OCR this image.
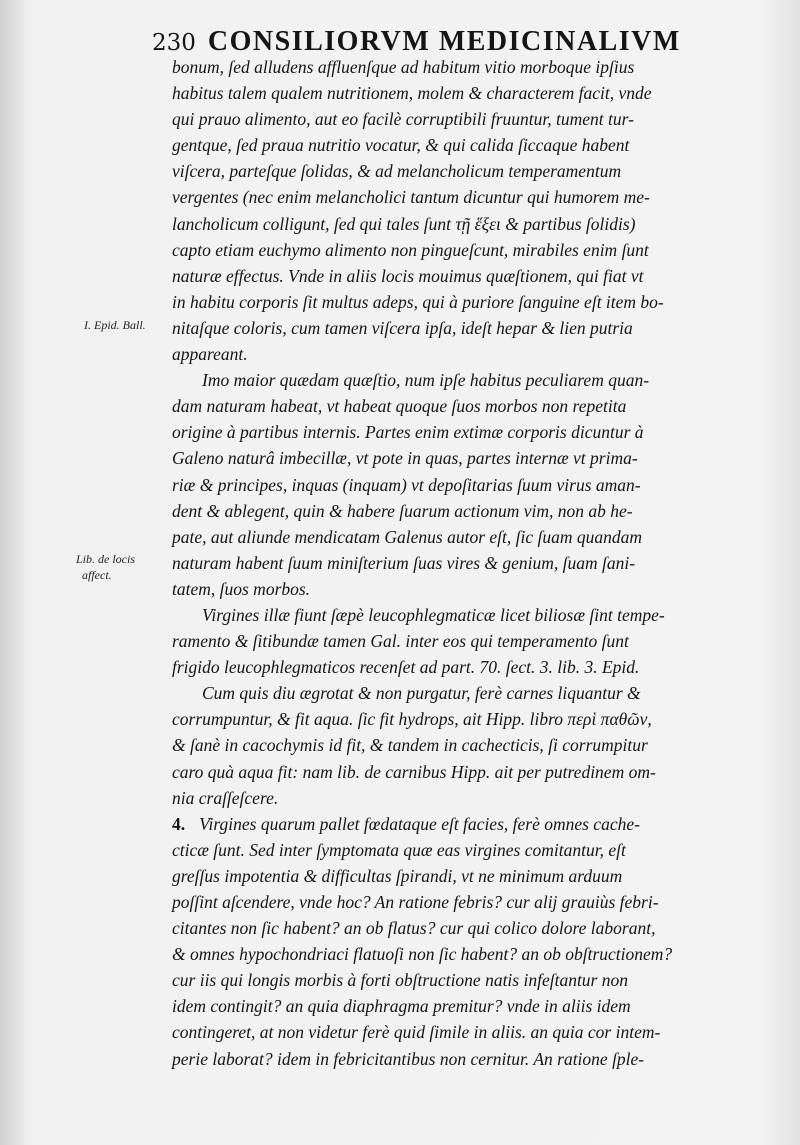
230 CONSILIORVM MEDICINALIVM
I. Epid. Ball.
Lib. de locis
affect.

bonum, ſed alludens affluenſque ad habitum vitio morboque ipſius
habitus talem qualem nutritionem, molem & characterem facit, vnde
qui prauo alimento, aut eo facilè corruptibili fruuntur, tument tur-
gentque, ſed praua nutritio vocatur, & qui calida ſiccaque habent
viſcera, parteſque ſolidas, & ad melancholicum temperamentum
vergentes (nec enim melancholici tantum dicuntur qui humorem me-
lancholicum colligunt, ſed qui tales ſunt τῇ ἕξει & partibus ſolidis)
capto etiam euchymo alimento non pingueſcunt, mirabiles enim ſunt
naturæ effectus. Vnde in aliis locis mouimus quæſtionem, qui fiat vt
in habitu corporis ſit multus adeps, qui à puriore ſanguine eſt item bo-
nitaſque coloris, cum tamen viſcera ipſa, ideſt hepar & lien putria
appareant.

Imo maior quædam quæſtio, num ipſe habitus peculiarem quan-
dam naturam habeat, vt habeat quoque ſuos morbos non repetita
origine à partibus internis. Partes enim extimæ corporis dicuntur à
Galeno naturâ imbecillæ, vt pote in quas, partes internæ vt prima-
riæ & principes, inquas (inquam) vt depoſitarias ſuum virus aman-
dent & ablegent, quin & habere ſuarum actionum vim, non ab he-
pate, aut aliunde mendicatam Galenus autor eſt, ſic ſuam quandam
naturam habent ſuum miniſterium ſuas vires & genium, ſuam ſani-
tatem, ſuos morbos.

Virgines illæ fiunt ſæpè leucophlegmaticæ licet biliosæ ſint tempe-
ramento & ſitibundæ tamen Gal. inter eos qui temperamento ſunt
frigido leucophlegmaticos recenſet ad part. 70. ſect. 3. lib. 3. Epid.

Cum quis diu ægrotat & non purgatur, ferè carnes liquantur &
corrumpuntur, & fit aqua. ſic fit hydrops, ait Hipp. libro περὶ παθῶν,
& ſanè in cacochymis id fit, & tandem in cachecticis, ſi corrumpitur
caro quà aqua fit: nam lib. de carnibus Hipp. ait per putredinem om-
nia craſſeſcere.

4. Virgines quarum pallet fœdataque eſt facies, ferè omnes cache-
cticæ ſunt. Sed inter ſymptomata quæ eas virgines comitantur, eſt
greſſus impotentia & difficultas ſpirandi, vt ne minimum arduum
poſſint aſcendere, vnde hoc? An ratione febris? cur alij grauiùs febri-
citantes non ſic habent? an ob flatus? cur qui colico dolore laborant,
& omnes hypochondriaci flatuoſi non ſic habent? an ob obſtructionem?
cur iis qui longis morbis à forti obſtructione natis infeſtantur non
idem contingit? an quia diaphragma premitur? vnde in aliis idem
contingeret, at non videtur ferè quid ſimile in aliis. an quia cor intem-
perie laborat? idem in febricitantibus non cernitur. An ratione ſple-
